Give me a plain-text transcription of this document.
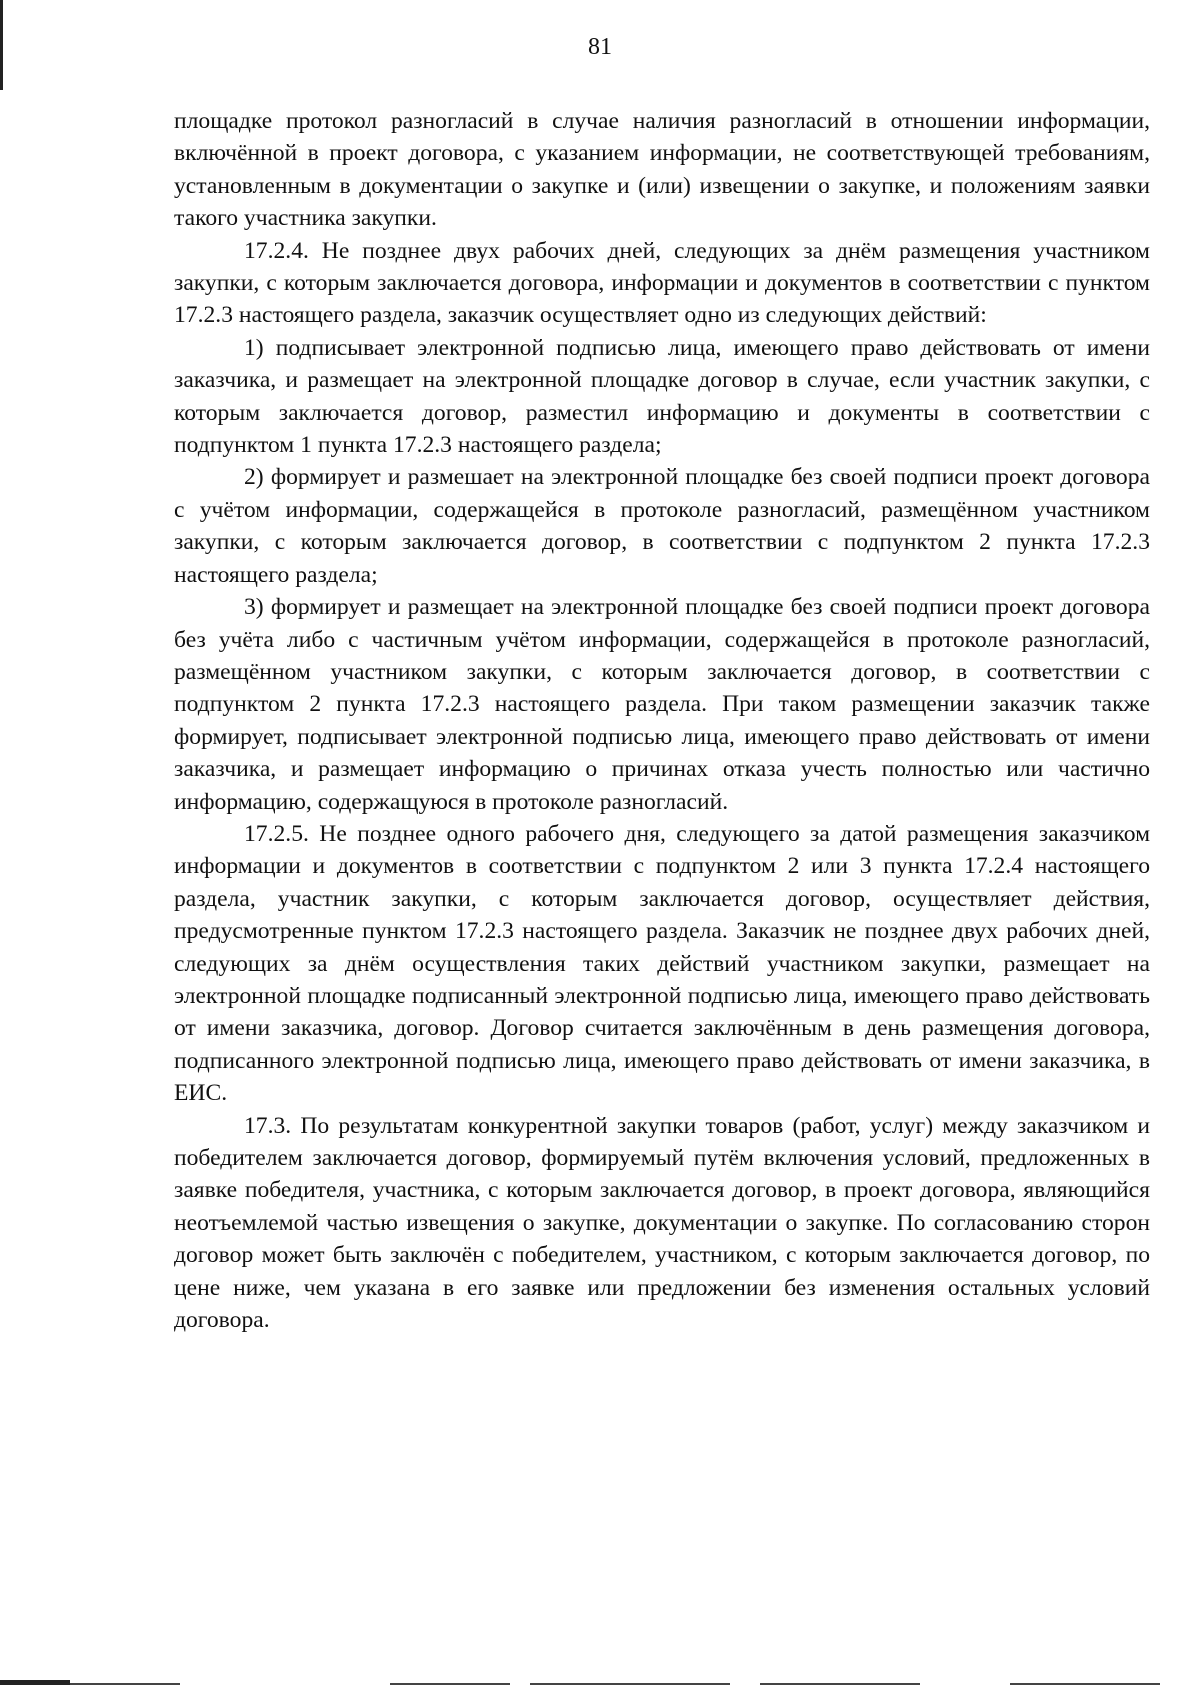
81

площадке протокол разногласий в случае наличия разногласий в отношении информации, включённой в проект договора, с указанием информации, не соответствующей требованиям, установленным в документации о закупке и (или) извещении о закупке, и положениям заявки такого участника закупки.

17.2.4. Не позднее двух рабочих дней, следующих за днём размещения участником закупки, с которым заключается договора, информации и документов в соответствии с пунктом 17.2.3 настоящего раздела, заказчик осуществляет одно из следующих действий:

1) подписывает электронной подписью лица, имеющего право действовать от имени заказчика, и размещает на электронной площадке договор в случае, если участник закупки, с которым заключается договор, разместил информацию и документы в соответствии с подпунктом 1 пункта 17.2.3 настоящего раздела;

2) формирует и размешает на электронной площадке без своей подписи проект договора с учётом информации, содержащейся в протоколе разногласий, размещённом участником закупки, с которым заключается договор, в соответствии с подпунктом 2 пункта 17.2.3 настоящего раздела;

3) формирует и размещает на электронной площадке без своей подписи проект договора без учёта либо с частичным учётом информации, содержащейся в протоколе разногласий, размещённом участником закупки, с которым заключается договор, в соответствии с подпунктом 2 пункта 17.2.3 настоящего раздела. При таком размещении заказчик также формирует, подписывает электронной подписью лица, имеющего право действовать от имени заказчика, и размещает информацию о причинах отказа учесть полностью или частично информацию, содержащуюся в протоколе разногласий.

17.2.5. Не позднее одного рабочего дня, следующего за датой размещения заказчиком информации и документов в соответствии с подпунктом 2 или 3 пункта 17.2.4 настоящего раздела, участник закупки, с которым заключается договор, осуществляет действия, предусмотренные пунктом 17.2.3 настоящего раздела. Заказчик не позднее двух рабочих дней, следующих за днём осуществления таких действий участником закупки, размещает на электронной площадке подписанный электронной подписью лица, имеющего право действовать от имени заказчика, договор. Договор считается заключённым в день размещения договора, подписанного электронной подписью лица, имеющего право действовать от имени заказчика, в ЕИС.

17.3. По результатам конкурентной закупки товаров (работ, услуг) между заказчиком и победителем заключается договор, формируемый путём включения условий, предложенных в заявке победителя, участника, с которым заключается договор, в проект договора, являющийся неотъемлемой частью извещения о закупке, документации о закупке. По согласованию сторон договор может быть заключён с победителем, участником, с которым заключается договор, по цене ниже, чем указана в его заявке или предложении без изменения остальных условий договора.
